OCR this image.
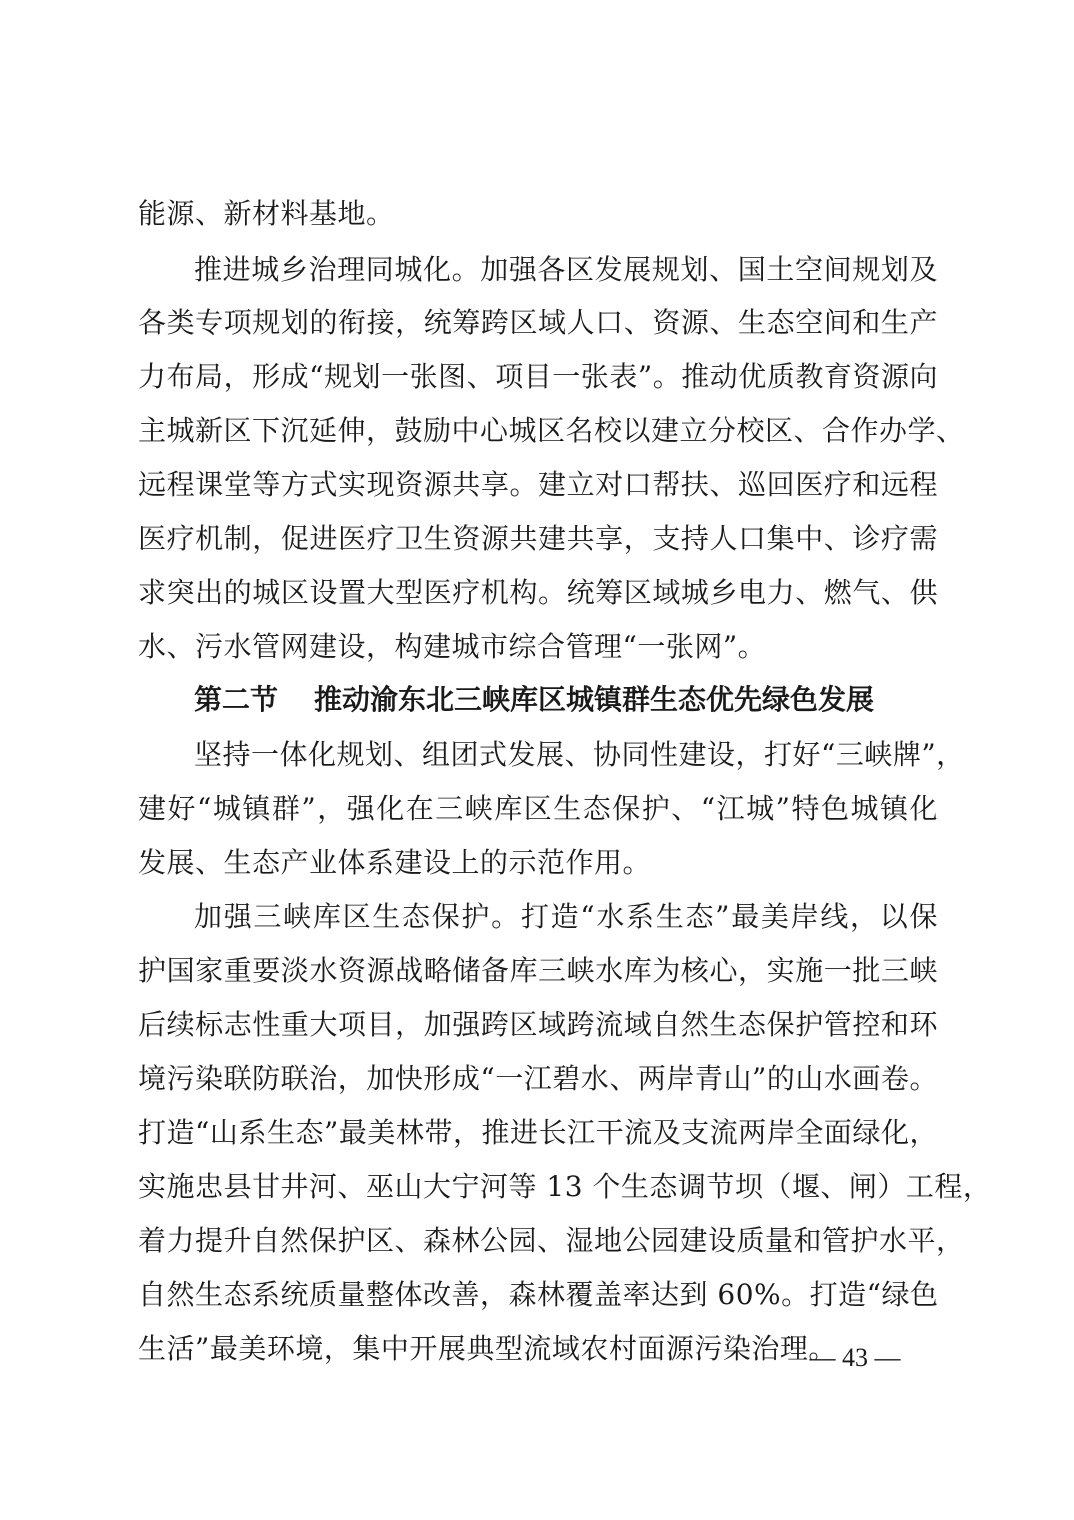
能源、新材料基地。
推进城乡治理同城化。加强各区发展规划、国土空间规划及
各类专项规划的衔接，统筹跨区域人口、资源、生态空间和生产
力布局，形成“规划一张图、项目一张表”。推动优质教育资源向
主城新区下沉延伸，鼓励中心城区名校以建立分校区、合作办学、
远程课堂等方式实现资源共享。建立对口帮扶、巡回医疗和远程
医疗机制，促进医疗卫生资源共建共享，支持人口集中、诊疗需
求突出的城区设置大型医疗机构。统筹区域城乡电力、燃气、供
水、污水管网建设，构建城市综合管理“一张网”。
第二节 推动渝东北三峡库区城镇群生态优先绿色发展
坚持一体化规划、组团式发展、协同性建设，打好“三峡牌”，
建好“城镇群”，强化在三峡库区生态保护、“江城”特色城镇化
发展、生态产业体系建设上的示范作用。
加强三峡库区生态保护。打造“水系生态”最美岸线，以保
护国家重要淡水资源战略储备库三峡水库为核心，实施一批三峡
后续标志性重大项目，加强跨区域跨流域自然生态保护管控和环
境污染联防联治，加快形成“一江碧水、两岸青山”的山水画卷。
打造“山系生态”最美林带，推进长江干流及支流两岸全面绿化，
实施忠县甘井河、巫山大宁河等 13 个生态调节坝（堰、闸）工程，
着力提升自然保护区、森林公园、湿地公园建设质量和管护水平，
自然生态系统质量整体改善，森林覆盖率达到 60%。打造“绿色
生活”最美环境，集中开展典型流域农村面源污染治理。
— 43 —
